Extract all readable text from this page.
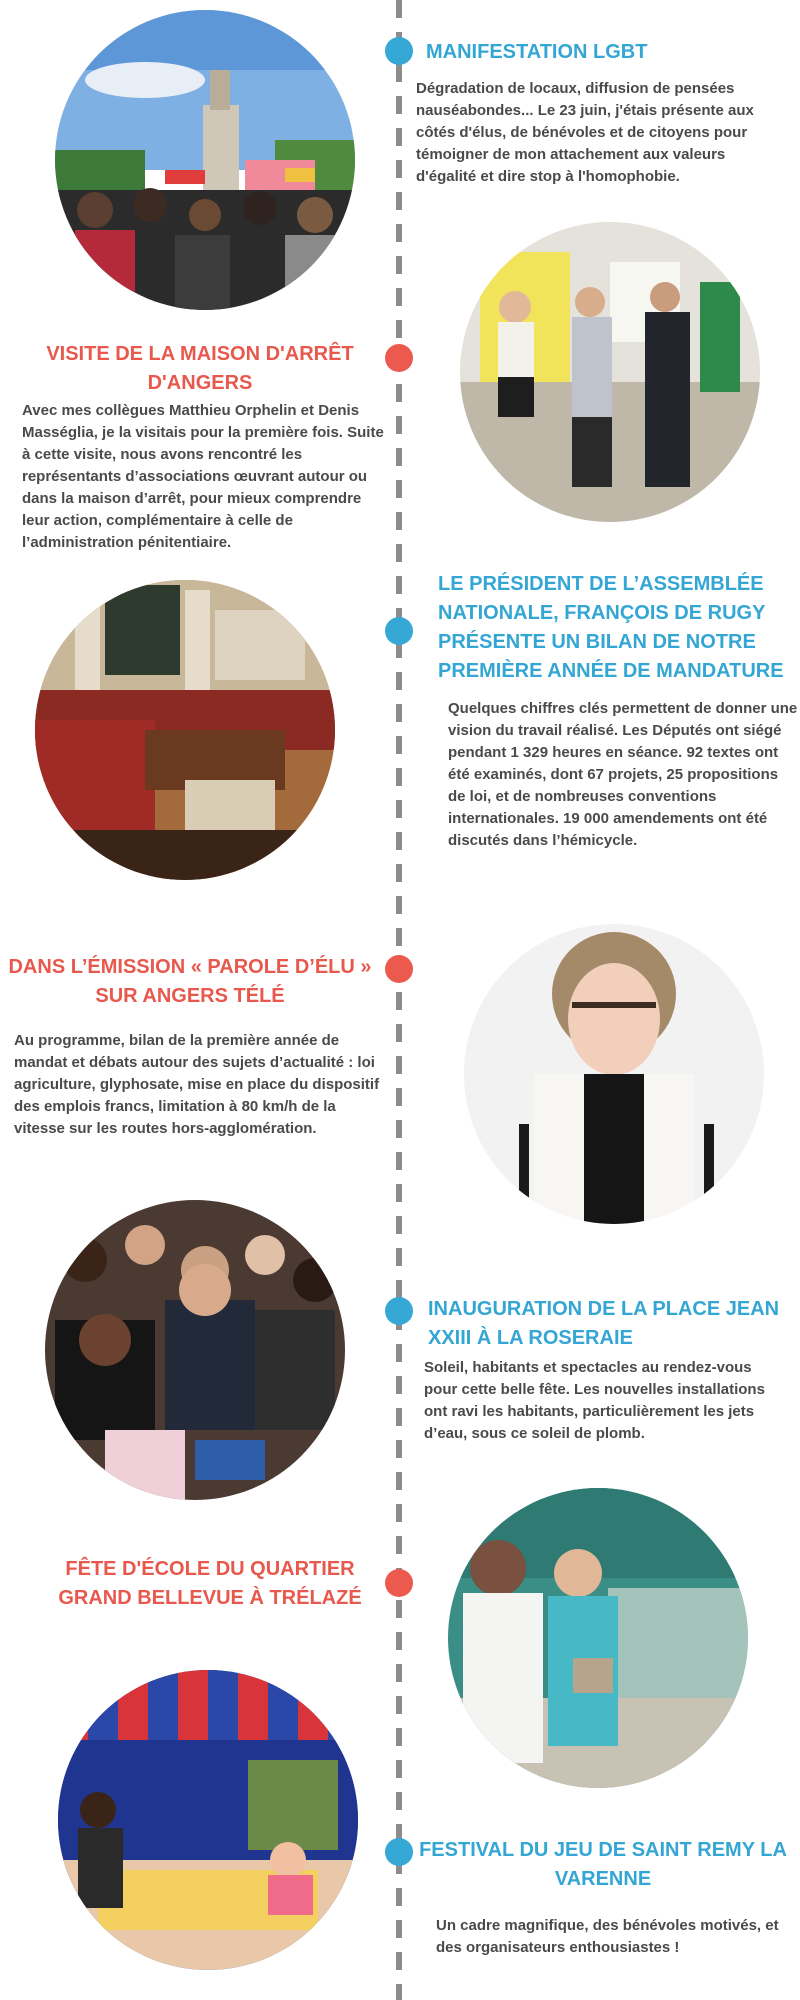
MANIFESTATION LGBT
Dégradation de locaux, diffusion de pensées nauséabondes... Le 23 juin, j'étais présente aux côtés d'élus, de bénévoles et de citoyens pour témoigner de mon attachement aux valeurs d'égalité et dire stop à l'homophobie.
VISITE DE LA MAISON D'ARRÊT D'ANGERS
Avec mes collègues Matthieu Orphelin et Denis Masséglia, je la visitais pour la première fois. Suite à cette visite, nous avons rencontré les représentants d’associations œuvrant autour ou dans la maison d’arrêt, pour mieux comprendre leur action, complémentaire à celle de l’administration pénitentiaire.
LE PRÉSIDENT DE L’ASSEMBLÉE NATIONALE, FRANÇOIS DE RUGY PRÉSENTE UN BILAN DE NOTRE PREMIÈRE ANNÉE DE MANDATURE
Quelques chiffres clés permettent de donner une vision du travail réalisé. Les Députés ont siégé pendant 1 329 heures en séance. 92 textes ont été examinés, dont 67 projets, 25 propositions de loi, et de nombreuses conventions internationales. 19 000 amendements ont été discutés dans l’hémicycle.
DANS L’ÉMISSION « PAROLE D’ÉLU » SUR ANGERS TÉLÉ
Au programme, bilan de la première année de mandat et débats autour des sujets d’actualité : loi agriculture, glyphosate, mise en place du dispositif des emplois francs, limitation à 80 km/h de la vitesse sur les routes hors-agglomération.
INAUGURATION DE LA PLACE JEAN XXIII À LA ROSERAIE
Soleil, habitants et spectacles au rendez-vous pour cette belle fête. Les nouvelles installations ont ravi les habitants, particulièrement les jets d’eau, sous ce soleil de plomb.
FÊTE D'ÉCOLE DU QUARTIER GRAND BELLEVUE À TRÉLAZÉ
FESTIVAL DU JEU DE SAINT REMY LA VARENNE
Un cadre magnifique, des bénévoles motivés, et des organisateurs enthousiastes !
